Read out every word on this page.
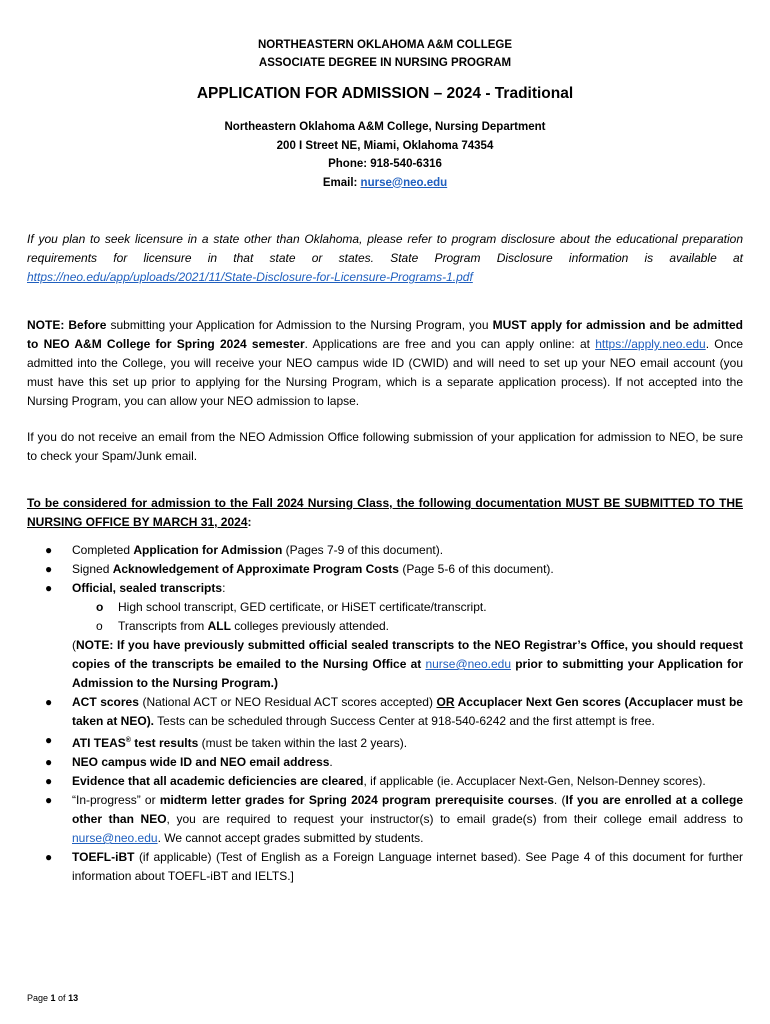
NORTHEASTERN OKLAHOMA A&M COLLEGE
ASSOCIATE DEGREE IN NURSING PROGRAM
APPLICATION FOR ADMISSION – 2024 - Traditional
Northeastern Oklahoma A&M College, Nursing Department
200 I Street NE, Miami, Oklahoma 74354
Phone: 918-540-6316
Email: nurse@neo.edu
If you plan to seek licensure in a state other than Oklahoma, please refer to program disclosure about the educational preparation requirements for licensure in that state or states. State Program Disclosure information is available at https://neo.edu/app/uploads/2021/11/State-Disclosure-for-Licensure-Programs-1.pdf
NOTE: Before submitting your Application for Admission to the Nursing Program, you MUST apply for admission and be admitted to NEO A&M College for Spring 2024 semester. Applications are free and you can apply online: at https://apply.neo.edu. Once admitted into the College, you will receive your NEO campus wide ID (CWID) and will need to set up your NEO email account (you must have this set up prior to applying for the Nursing Program, which is a separate application process). If not accepted into the Nursing Program, you can allow your NEO admission to lapse.
If you do not receive an email from the NEO Admission Office following submission of your application for admission to NEO, be sure to check your Spam/Junk email.
To be considered for admission to the Fall 2024 Nursing Class, the following documentation MUST BE SUBMITTED TO THE NURSING OFFICE BY MARCH 31, 2024:
● Completed Application for Admission (Pages 7-9 of this document).
● Signed Acknowledgement of Approximate Program Costs (Page 5-6 of this document).
● Official, sealed transcripts:
o High school transcript, GED certificate, or HiSET certificate/transcript.
o Transcripts from ALL colleges previously attended.
(NOTE: If you have previously submitted official sealed transcripts to the NEO Registrar’s Office, you should request copies of the transcripts be emailed to the Nursing Office at nurse@neo.edu prior to submitting your Application for Admission to the Nursing Program.)
● ACT scores (National ACT or NEO Residual ACT scores accepted) OR Accuplacer Next Gen scores (Accuplacer must be taken at NEO). Tests can be scheduled through Success Center at 918-540-6242 and the first attempt is free.
● ATI TEAS® test results (must be taken within the last 2 years).
● NEO campus wide ID and NEO email address.
● Evidence that all academic deficiencies are cleared, if applicable (ie. Accuplacer Next-Gen, Nelson-Denney scores).
● “In-progress” or midterm letter grades for Spring 2024 program prerequisite courses. (If you are enrolled at a college other than NEO, you are required to request your instructor(s) to email grade(s) from their college email address to nurse@neo.edu. We cannot accept grades submitted by students.
● TOEFL-iBT (if applicable) (Test of English as a Foreign Language internet based). See Page 4 of this document for further information about TOEFL-iBT and IELTS.]
Page 1 of 13
